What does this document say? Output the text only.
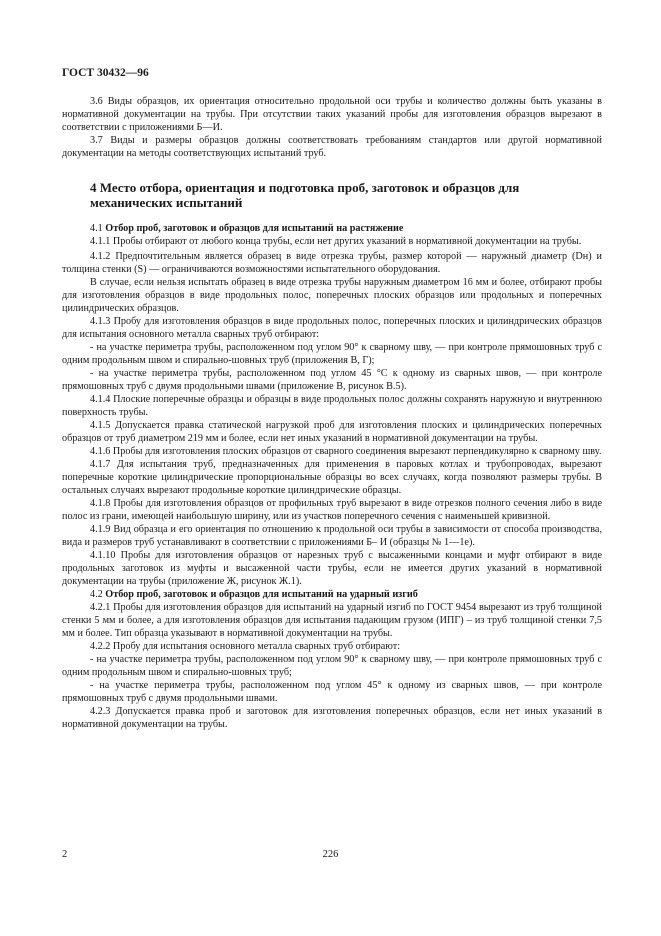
ГОСТ 30432—96

3.6 Виды образцов, их ориентация относительно продольной оси трубы и количество должны быть указаны в нормативной документации на трубы. При отсутствии таких указаний пробы для изготовления образцов вырезают в соответствии с приложениями Б—И.

3.7 Виды и размеры образцов должны соответствовать требованиям стандартов или другой нормативной документации на методы соответствующих испытаний труб.

4 Место отбора, ориентация и подготовка проб, заготовок и образцов для механических испытаний

4.1 Отбор проб, заготовок и образцов для испытаний на растяжение

4.1.1 Пробы отбирают от любого конца трубы, если нет других указаний в нормативной документации на трубы.

4.1.2 Предпочтительным является образец в виде отрезка трубы, размер которой — наружный диаметр (Dн) и толщина стенки (S) — ограничиваются возможностями испытательного оборудования.

В случае, если нельзя испытать образец в виде отрезка трубы наружным диаметром 16 мм и более, отбирают пробы для изготовления образцов в виде продольных полос, поперечных плоских образцов или продольных и поперечных цилиндрических образцов.

4.1.3 Пробу для изготовления образцов в виде продольных полос, поперечных плоских и цилиндрических образцов для испытания основного металла сварных труб отбирают:

- на участке периметра трубы, расположенном под углом 90° к сварному шву, — при контроле прямошовных труб с одним продольным швом и спирально-шовных труб (приложения В, Г);

- на участке периметра трубы, расположенном под углом 45 °С к одному из сварных швов, — при контроле прямошовных труб с двумя продольными швами (приложение В, рисунок В.5).

4.1.4 Плоские поперечные образцы и образцы в виде продольных полос должны сохранять наружную и внутреннюю поверхность трубы.

4.1.5 Допускается правка статической нагрузкой проб для изготовления плоских и цилиндрических поперечных образцов от труб диаметром 219 мм и более, если нет иных указаний в нормативной документации на трубы.

4.1.6 Пробы для изготовления плоских образцов от сварного соединения вырезают перпендикулярно к сварному шву.

4.1.7 Для испытания труб, предназначенных для применения в паровых котлах и трубопроводах, вырезают поперечные короткие цилиндрические пропорциональные образцы во всех случаях, когда позволяют размеры трубы. В остальных случаях вырезают продольные короткие цилиндрические образцы.

4.1.8 Пробы для изготовления образцов от профильных труб вырезают в виде отрезков полного сечения либо в виде полос из грани, имеющей наибольшую ширину, или из участков поперечного сечения с наименьшей кривизной.

4.1.9 Вид образца и его ориентация по отношению к продольной оси трубы в зависимости от способа производства, вида и размеров труб устанавливают в соответствии с приложениями Б– И (образцы № 1—1е).

4.1.10 Пробы для изготовления образцов от нарезных труб с высаженными концами и муфт отбирают в виде продольных заготовок из муфты и высаженной части трубы, если не имеется других указаний в нормативной документации на трубы (приложение Ж, рисунок Ж.1).

4.2 Отбор проб, заготовок и образцов для испытаний на ударный изгиб

4.2.1 Пробы для изготовления образцов для испытаний на ударный изгиб по ГОСТ 9454 вырезают из труб толщиной стенки 5 мм и более, а для изготовления образцов для испытания падающим грузом (ИПГ) – из труб толщиной стенки 7,5 мм и более. Тип образца указывают в нормативной документации на трубы.

4.2.2 Пробу для испытания основного металла сварных труб отбирают:

- на участке периметра трубы, расположенном под углом 90° к сварному шву, — при контроле прямошовных труб с одним продольным швом и спирально-шовных труб;

- на участке периметра трубы, расположенном под углом 45° к одному из сварных швов, — при контроле прямошовных труб с двумя продольными швами.

4.2.3 Допускается правка проб и заготовок для изготовления поперечных образцов, если нет иных указаний в нормативной документации на трубы.

2	226
